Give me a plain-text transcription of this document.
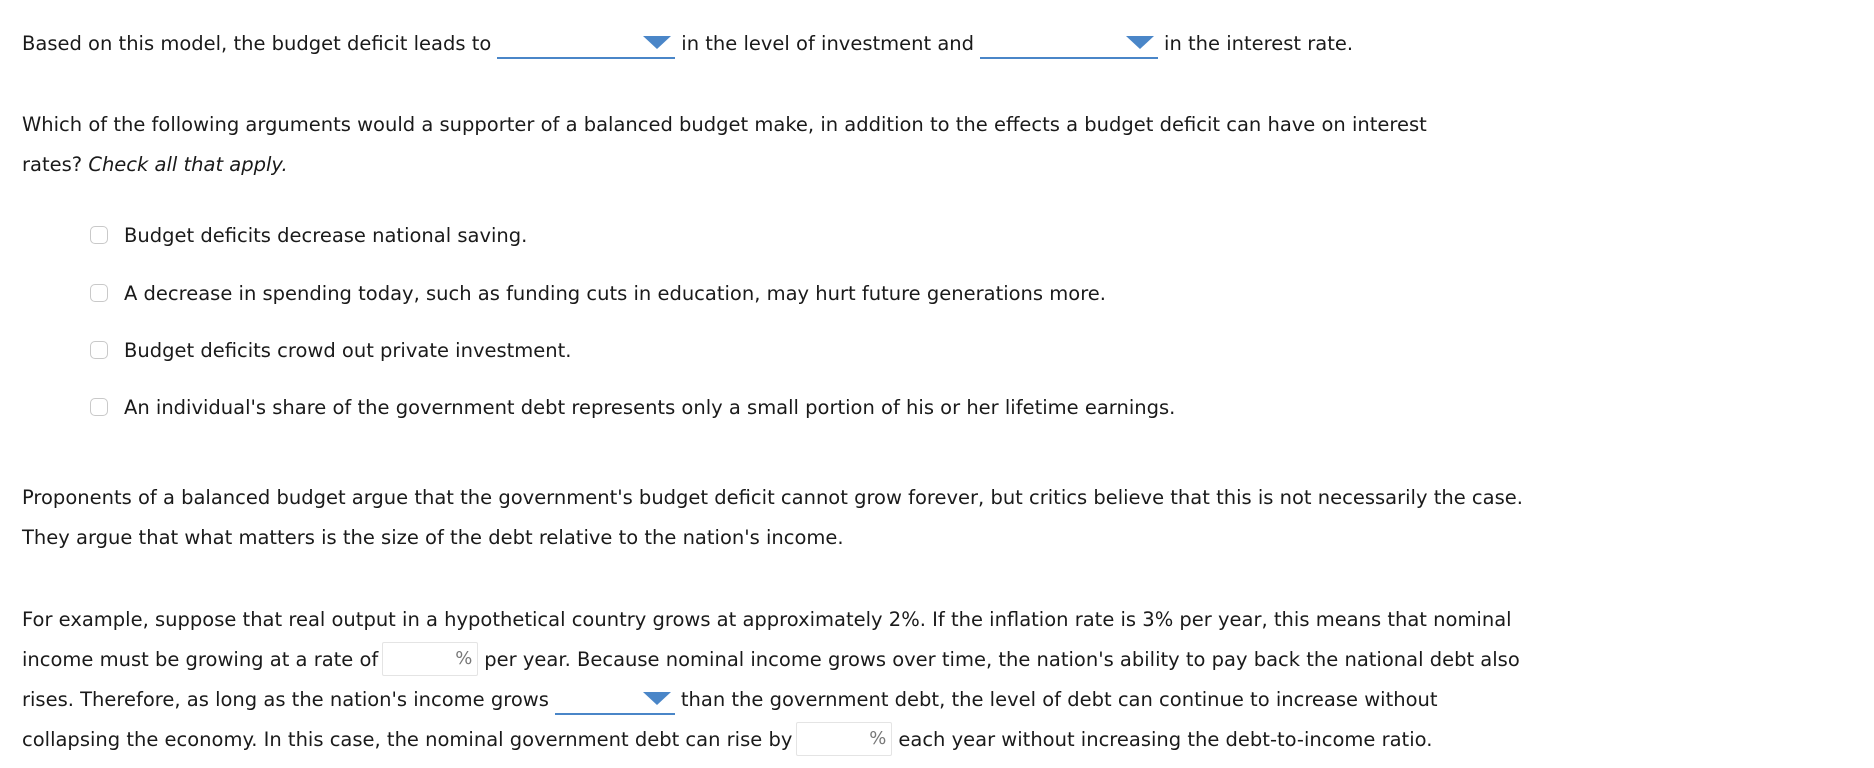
Based on this model, the budget deficit leads to	in the level of investment and	in the interest rate.
Which of the following arguments would a supporter of a balanced budget make, in addition to the effects a budget deficit can have on interest
rates? Check all that apply.
Budget deficits decrease national saving.
A decrease in spending today, such as funding cuts in education, may hurt future generations more.
Budget deficits crowd out private investment.
An individual's share of the government debt represents only a small portion of his or her lifetime earnings.
Proponents of a balanced budget argue that the government's budget deficit cannot grow forever, but critics believe that this is not necessarily the case.
They argue that what matters is the size of the debt relative to the nation's income.
For example, suppose that real output in a hypothetical country grows at approximately 2%. If the inflation rate is 3% per year, this means that nominal
income must be growing at a rate of	% per year. Because nominal income grows over time, the nation's ability to pay back the national debt also
rises. Therefore, as long as the nation's income grows	than the government debt, the level of debt can continue to increase without
collapsing the economy. In this case, the nominal government debt can rise by	% each year without increasing the debt-to-income ratio.
